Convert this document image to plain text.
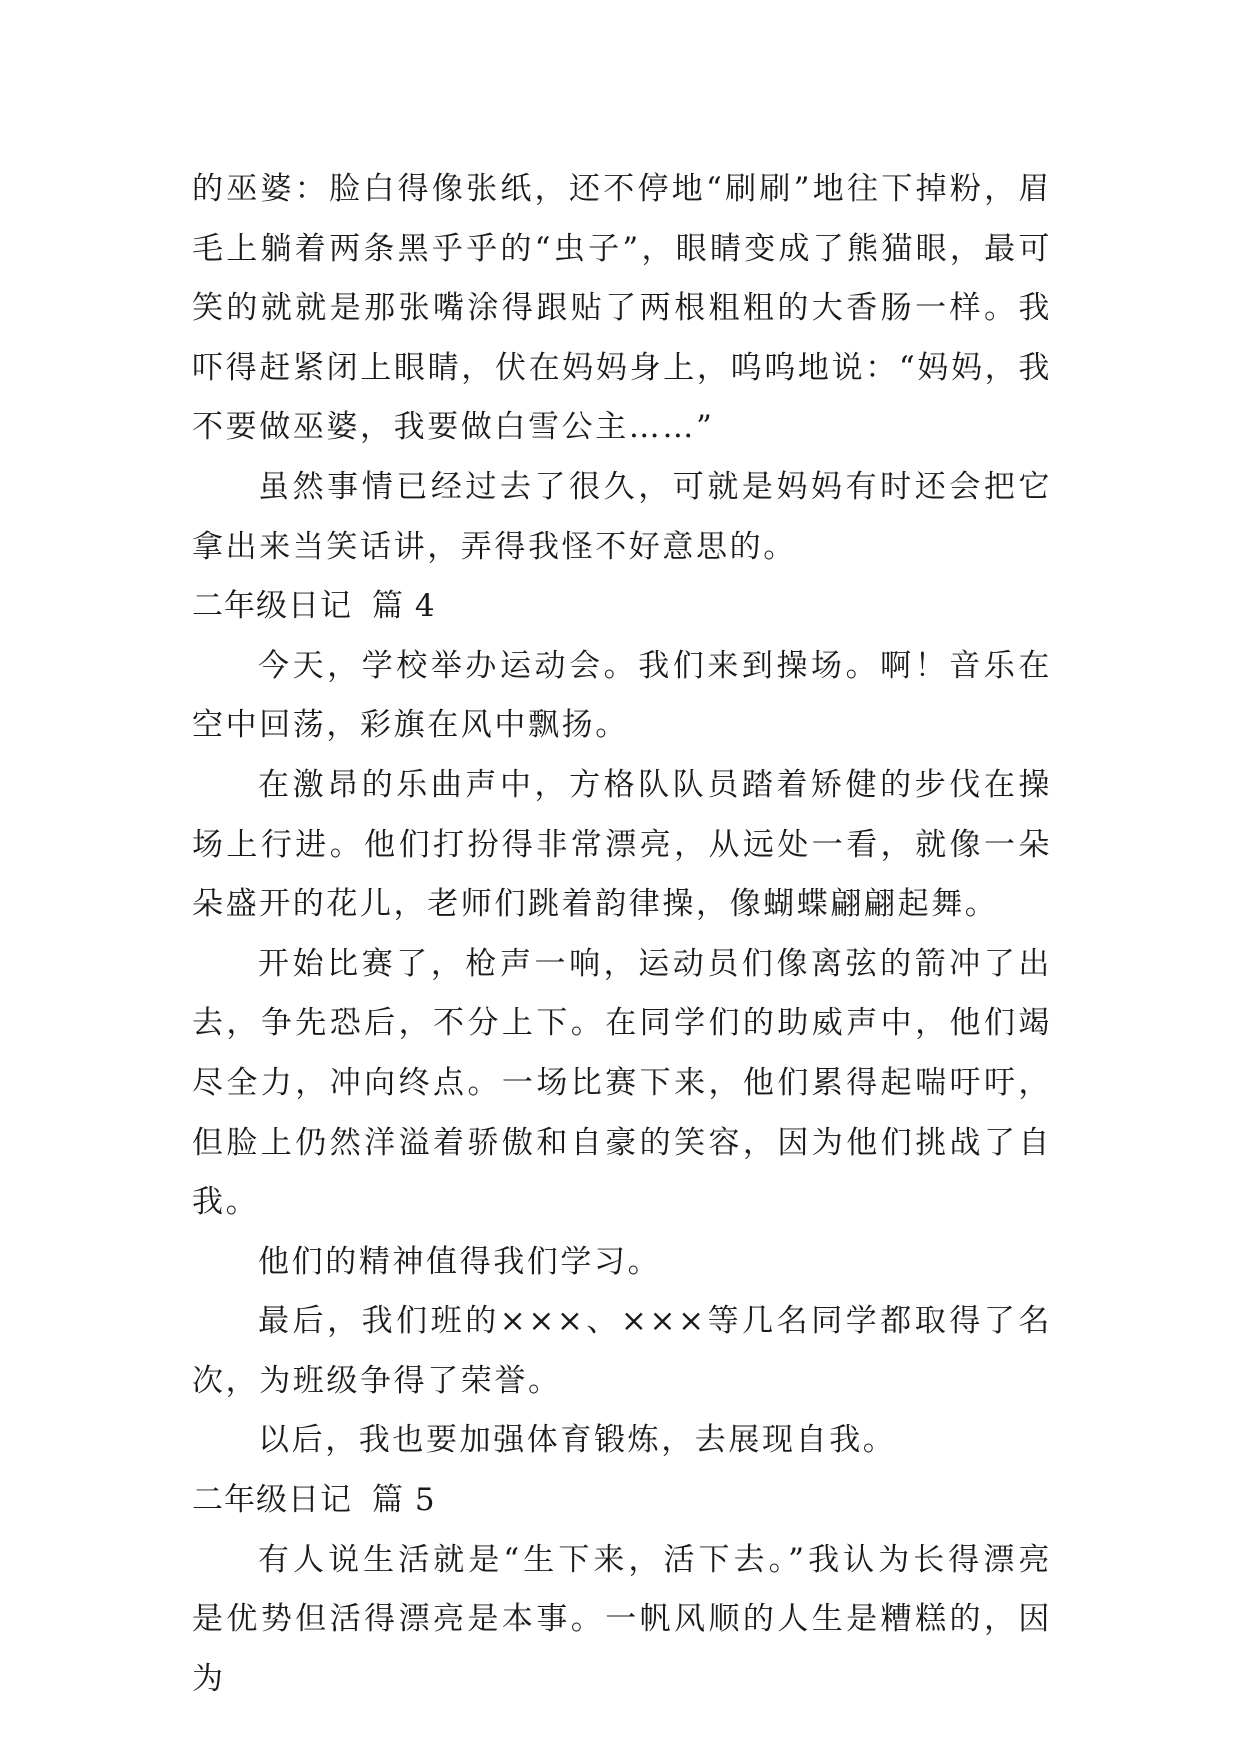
的巫婆：脸白得像张纸，还不停地“刷刷”地往下掉粉，眉毛上躺着两条黑乎乎的“虫子”，眼睛变成了熊猫眼，最可笑的就就是那张嘴涂得跟贴了两根粗粗的大香肠一样。我吓得赶紧闭上眼睛，伏在妈妈身上，呜呜地说：“妈妈，我不要做巫婆，我要做白雪公主……”

虽然事情已经过去了很久，可就是妈妈有时还会把它拿出来当笑话讲，弄得我怪不好意思的。

二年级日记 篇 4

今天，学校举办运动会。我们来到操场。啊！音乐在空中回荡，彩旗在风中飘扬。

在激昂的乐曲声中，方格队队员踏着矫健的步伐在操场上行进。他们打扮得非常漂亮，从远处一看，就像一朵朵盛开的花儿，老师们跳着韵律操，像蝴蝶翩翩起舞。

开始比赛了，枪声一响，运动员们像离弦的箭冲了出去，争先恐后，不分上下。在同学们的助威声中，他们竭尽全力，冲向终点。一场比赛下来，他们累得起喘吁吁，但脸上仍然洋溢着骄傲和自豪的笑容，因为他们挑战了自我。

他们的精神值得我们学习。

最后，我们班的×××、×××等几名同学都取得了名次，为班级争得了荣誉。

以后，我也要加强体育锻炼，去展现自我。

二年级日记 篇 5

有人说生活就是“生下来，活下去。”我认为长得漂亮是优势但活得漂亮是本事。一帆风顺的人生是糟糕的，因为
